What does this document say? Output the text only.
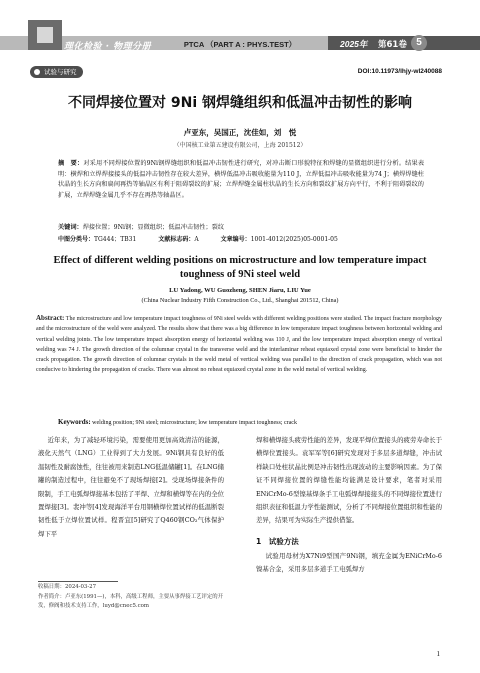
理化检验 · 物理分册	PTCA （PART A : PHYS.TEST）	2025年 第61卷 5
试验与研究	DOI:10.11973/lhjy-wl240088
不同焊接位置对 9Ni 钢焊缝组织和低温冲击韧性的影响
卢亚东，吴国正，沈佳如，刘　悦
（中国核工业第五建设有限公司，上海 201512）
摘　要：对采用不同焊接位置的9Ni钢焊缝组织和低温冲击韧性进行研究，对冲击断口形貌特征和焊缝的显微组织进行分析。结果表明：横焊和立焊焊接接头的低温冲击韧性存在较大差异，横焊低温冲击吸收能量为110 J，立焊低温冲击吸收能量为74 J；横焊焊缝柱状晶的生长方向和扁间再热等轴晶区有利于阻碍裂纹的扩展；立焊焊缝金属柱状晶的生长方向和裂纹扩展方向平行，不利于阻碍裂纹的扩展，立焊焊缝金属几乎不存在再热等轴晶区。
关键词：焊接位置；9Ni钢；显微组织；低温冲击韧性；裂纹
中图分类号：TG444；TB31	文献标志码：A	文章编号：1001-4012(2025)05-0001-05
Effect of different welding positions on microstructure and low temperature impact toughness of 9Ni steel weld
LU Yadong, WU Guozheng, SHEN Jiaru, LIU Yue
(China Nuclear Industry Fifth Construction Co., Ltd., Shanghai 201512, China)
Abstract: The microstructure and low temperature impact toughness of 9Ni steel welds with different welding positions were studied. The impact fracture morphology and the microstructure of the weld were analyzed. The results show that there was a big difference in low temperature impact toughness between horizontal welding and vertical welding joints. The low temperature impact absorption energy of horizontal welding was 110 J, and the low temperature impact absorption energy of vertical welding was 74 J. The growth direction of the columnar crystal in the transverse weld and the interlaminar reheat equiaxed crystal zone were beneficial to hinder the crack propagation. The growth direction of columnar crystals in the weld metal of vertical welding was parallel to the direction of crack propagation, which was not conducive to hindering the propagation of cracks. There was almost no reheat equiaxed crystal zone in the weld metal of vertical welding.
Keywords: welding position; 9Ni steel; microstructure; low temperature impact toughness; crack

近年来，为了减轻环境污染，需要使用更加高效清洁的能源，液化天然气（LNG）工业得到了大力发展。9Ni钢具有良好的低温韧性及耐腐蚀性，往往被用来制造LNG低温储罐[1]。在LNG储罐的制造过程中，往往避免不了现场焊接[2]。受现场焊接条件的限制，手工电弧焊焊接基本包括了平焊、立焊和横焊等在内的全位置焊接[3]。裴冲等[4]发现海洋平台用钢横焊位置试样的低温断裂韧性低于立焊位置试样。程晋宜[5]研究了Q460钢CO₂气体保护焊下平

焊和横焊接头疲劳性能的差异，发现平焊位置接头的疲劳寿命长于横焊位置接头。袁军军等[6]研究发现对于多层多道焊缝，冲击试样缺口处柱状晶比例是冲击韧性出现波动的主要影响因素。为了保证不同焊接位置的焊缝性能均能满足设计要求，笔者对采用ENiCrMo-6型镍基焊条手工电弧焊焊接接头的不同焊接位置进行组织表征和低温力学性能测试，分析了不同焊接位置组织和性能的差异，结果可为实际生产提供借鉴。

1　试验方法

试验用母材为X7Ni9型国产9Ni钢，填充金属为ENiCrMo-6镍基合金，采用多层多道手工电弧焊方

收稿日期：2024-03-27
作者简介：卢亚东(1991—)，本科，高级工程师，主要从事焊接工艺评定的开发，修阀和技术支持工作，luyd@cnec5.com
1
